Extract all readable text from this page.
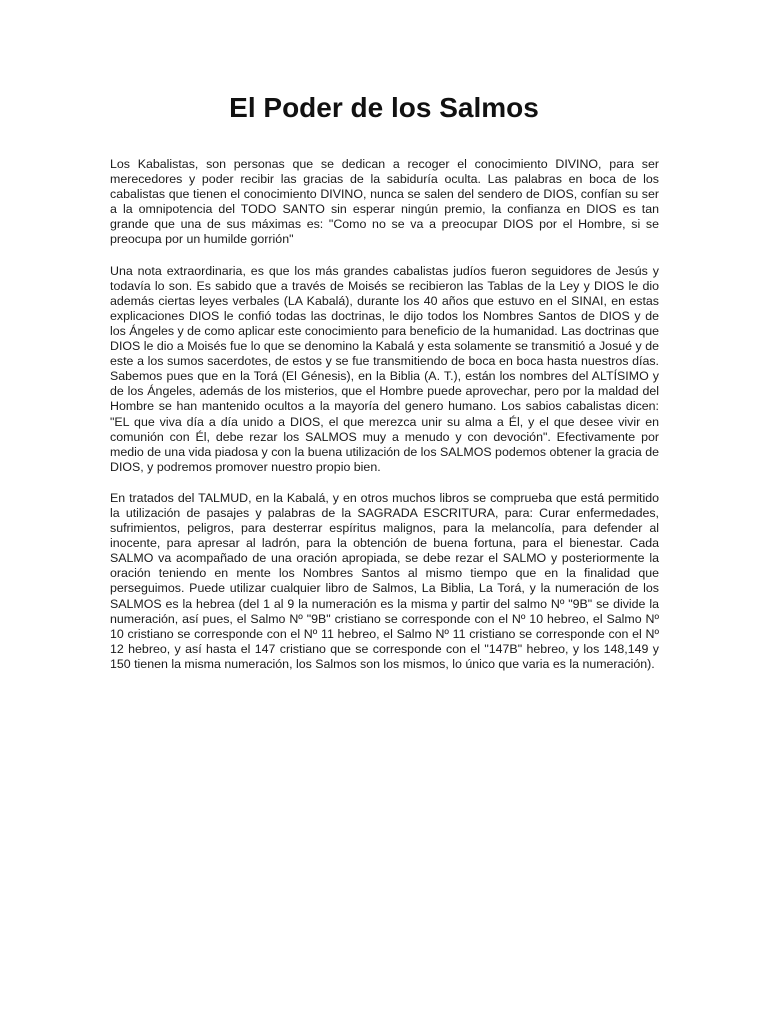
El Poder de los Salmos

Los Kabalistas, son personas que se dedican a recoger el conocimiento DIVINO, para ser merecedores y poder recibir las gracias de la sabiduría oculta. Las palabras en boca de los cabalistas que tienen el conocimiento DIVINO, nunca se salen del sendero de DIOS, confían su ser a la omnipotencia del TODO SANTO sin esperar ningún premio, la confianza en DIOS es tan grande que una de sus máximas es: "Como no se va a preocupar DIOS por el Hombre, si se preocupa por un humilde gorrión"

Una nota extraordinaria, es que los más grandes cabalistas judíos fueron seguidores de Jesús y todavía lo son. Es sabido que a través de Moisés se recibieron las Tablas de la Ley y DIOS le dio además ciertas leyes verbales (LA Kabalá), durante los 40 años que estuvo en el SINAI, en estas explicaciones DIOS le confió todas las doctrinas, le dijo todos los Nombres Santos de DIOS y de los Ángeles y de como aplicar este conocimiento para beneficio de la humanidad. Las doctrinas que DIOS le dio a Moisés fue lo que se denomino la Kabalá y esta solamente se transmitió a Josué y de este a los sumos sacerdotes, de estos y se fue transmitiendo de boca en boca hasta nuestros días. Sabemos pues que en la Torá (El Génesis), en la Biblia (A. T.), están los nombres del ALTÍSIMO y de los Ángeles, además de los misterios, que el Hombre puede aprovechar, pero por la maldad del Hombre se han mantenido ocultos a la mayoría del genero humano. Los sabios cabalistas dicen: "EL que viva día a día unido a DIOS, el que merezca unir su alma a Él, y el que desee vivir en comunión con Él, debe rezar los SALMOS muy a menudo y con devoción". Efectivamente por medio de una vida piadosa y con la buena utilización de los SALMOS podemos obtener la gracia de DIOS, y podremos promover nuestro propio bien.

En tratados del TALMUD, en la Kabalá, y en otros muchos libros se comprueba que está permitido la utilización de pasajes y palabras de la SAGRADA ESCRITURA, para: Curar enfermedades, sufrimientos, peligros, para desterrar espíritus malignos, para la melancolía, para defender al inocente, para apresar al ladrón, para la obtención de buena fortuna, para el bienestar. Cada SALMO va acompañado de una oración apropiada, se debe rezar el SALMO y posteriormente la oración teniendo en mente los Nombres Santos al mismo tiempo que en la finalidad que perseguimos. Puede utilizar cualquier libro de Salmos, La Biblia, La Torá, y la numeración de los SALMOS es la hebrea (del 1 al 9 la numeración es la misma y partir del salmo Nº "9B" se divide la numeración, así pues, el Salmo Nº "9B" cristiano se corresponde con el Nº 10 hebreo, el Salmo Nº 10 cristiano se corresponde con el Nº 11 hebreo, el Salmo Nº 11 cristiano se corresponde con el Nº 12 hebreo, y así hasta el 147 cristiano que se corresponde con el "147B" hebreo, y los 148,149 y 150 tienen la misma numeración, los Salmos son los mismos, lo único que varia es la numeración).
